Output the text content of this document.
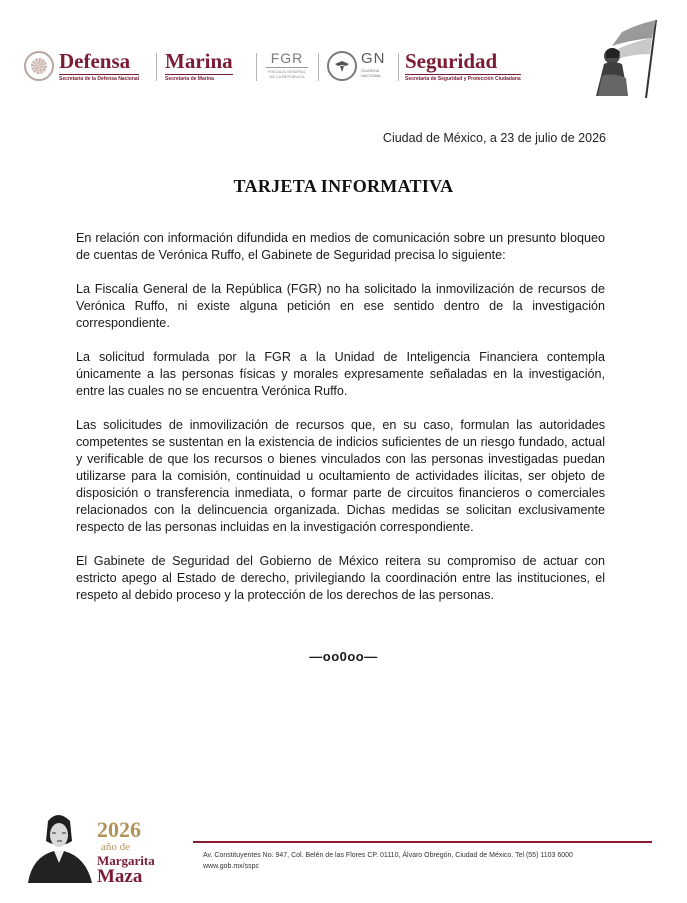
Defensa
Secretaría de la Defensa Nacional
Marina
Secretaría de Marina
FGR
FISCALÍA GENERAL DE LA REPÚBLICA
GN
GUARDIA NACIONAL
Seguridad
Secretaría de Seguridad y Protección Ciudadana
Ciudad de México, a 23 de julio de 2026
TARJETA INFORMATIVA

En relación con información difundida en medios de comunicación sobre un presunto bloqueo de cuentas de Verónica Ruffo, el Gabinete de Seguridad precisa lo siguiente:

La Fiscalía General de la República (FGR) no ha solicitado la inmovilización de recursos de Verónica Ruffo, ni existe alguna petición en ese sentido dentro de la investigación correspondiente.

La solicitud formulada por la FGR a la Unidad de Inteligencia Financiera contempla únicamente a las personas físicas y morales expresamente señaladas en la investigación, entre las cuales no se encuentra Verónica Ruffo.

Las solicitudes de inmovilización de recursos que, en su caso, formulan las autoridades competentes se sustentan en la existencia de indicios suficientes de un riesgo fundado, actual y verificable de que los recursos o bienes vinculados con las personas investigadas puedan utilizarse para la comisión, continuidad u ocultamiento de actividades ilícitas, ser objeto de disposición o transferencia inmediata, o formar parte de circuitos financieros o comerciales relacionados con la delincuencia organizada. Dichas medidas se solicitan exclusivamente respecto de las personas incluidas en la investigación correspondiente.

El Gabinete de Seguridad del Gobierno de México reitera su compromiso de actuar con estricto apego al Estado de derecho, privilegiando la coordinación entre las instituciones, el respeto al debido proceso y la protección de los derechos de las personas.

—oo0oo—
2026
año de
Margarita
Maza
Av. Constituyentes No. 947, Col. Belén de las Flores CP. 01110, Álvaro Obregón, Ciudad de México. Tel (55) 1103 6000 www.gob.mx/sspc
